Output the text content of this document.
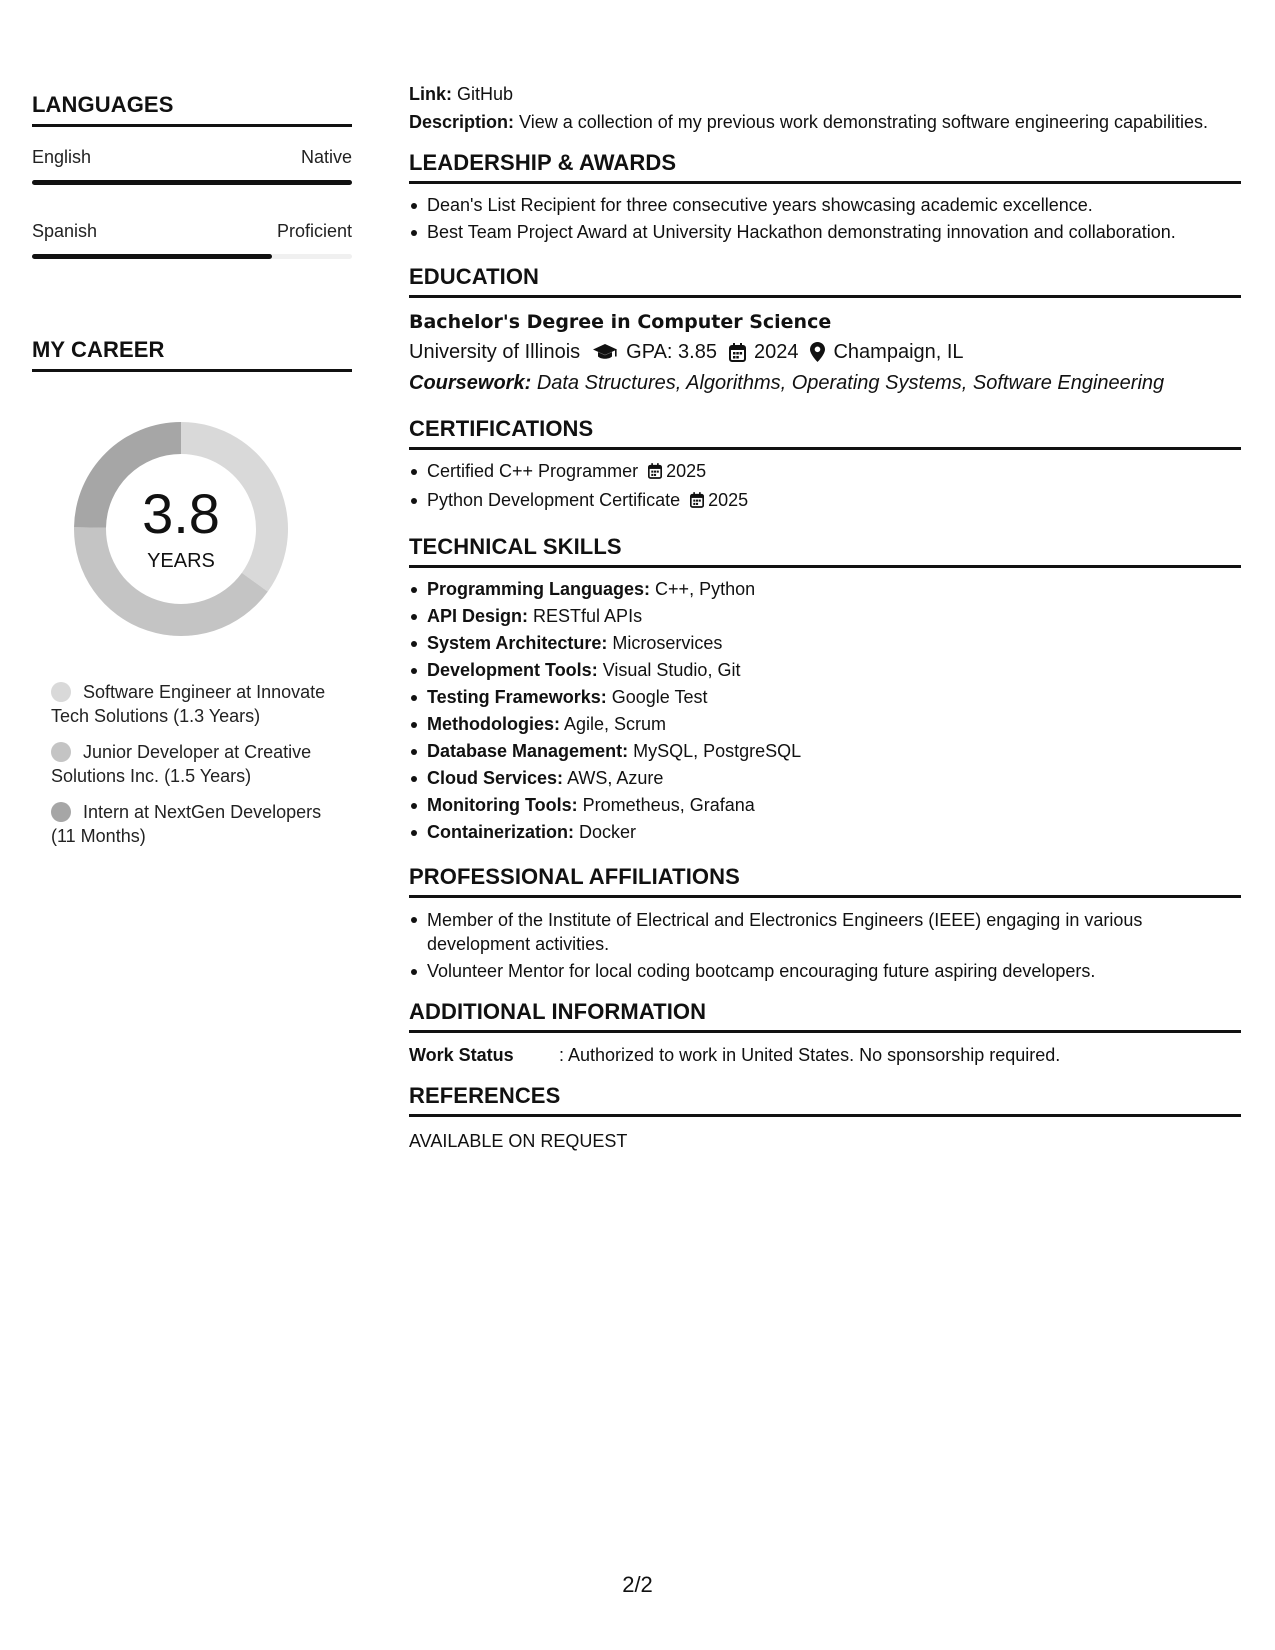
LANGUAGES
English	Native
Spanish	Proficient
MY CAREER
3.8
YEARS
Software Engineer at Innovate Tech Solutions (1.3 Years)
Junior Developer at Creative Solutions Inc. (1.5 Years)
Intern at NextGen Developers (11 Months)
Link: GitHub
Description: View a collection of my previous work demonstrating software engineering capabilities.
LEADERSHIP & AWARDS
Dean's List Recipient for three consecutive years showcasing academic excellence.
Best Team Project Award at University Hackathon demonstrating innovation and collaboration.
EDUCATION
Bachelor's Degree in Computer Science
University of Illinois GPA: 3.85 2024 Champaign, IL
Coursework: Data Structures, Algorithms, Operating Systems, Software Engineering
CERTIFICATIONS
Certified C++ Programmer 2025
Python Development Certificate 2025
TECHNICAL SKILLS
Programming Languages: C++, Python
API Design: RESTful APIs
System Architecture: Microservices
Development Tools: Visual Studio, Git
Testing Frameworks: Google Test
Methodologies: Agile, Scrum
Database Management: MySQL, PostgreSQL
Cloud Services: AWS, Azure
Monitoring Tools: Prometheus, Grafana
Containerization: Docker
PROFESSIONAL AFFILIATIONS
Member of the Institute of Electrical and Electronics Engineers (IEEE) engaging in various development activities.
Volunteer Mentor for local coding bootcamp encouraging future aspiring developers.
ADDITIONAL INFORMATION
Work Status	: Authorized to work in United States. No sponsorship required.
REFERENCES
AVAILABLE ON REQUEST
2/2
